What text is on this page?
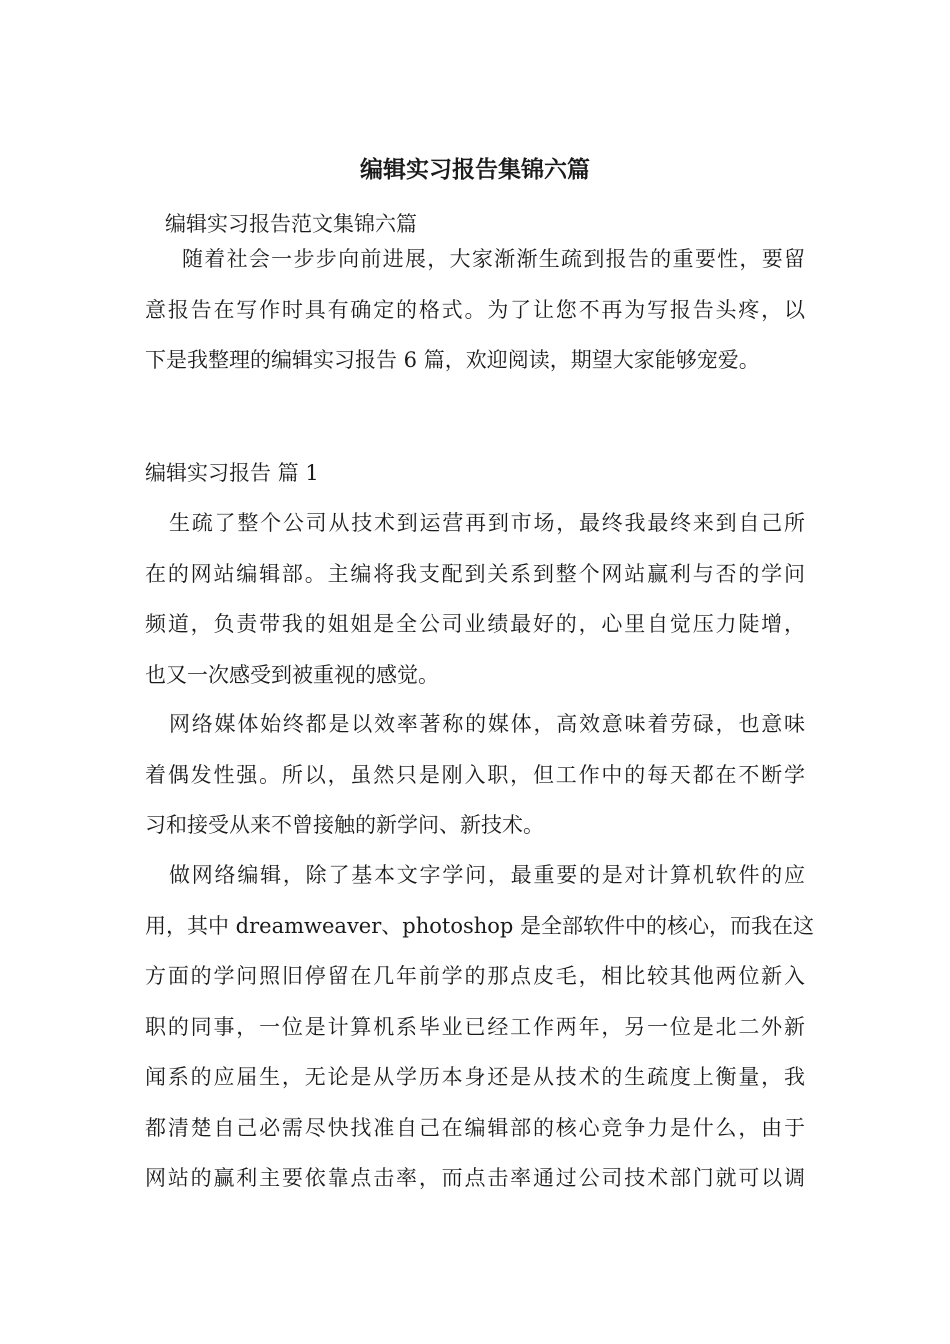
编辑实习报告集锦六篇

编辑实习报告范文集锦六篇

随着社会一步步向前进展，大家渐渐生疏到报告的重要性，要留
意报告在写作时具有确定的格式。为了让您不再为写报告头疼，以
下是我整理的编辑实习报告 6 篇，欢迎阅读，期望大家能够宠爱。

编辑实习报告 篇 1

生疏了整个公司从技术到运营再到市场，最终我最终来到自己所
在的网站编辑部。主编将我支配到关系到整个网站赢利与否的学问
频道，负责带我的姐姐是全公司业绩最好的，心里自觉压力陡增，
也又一次感受到被重视的感觉。
网络媒体始终都是以效率著称的媒体，高效意味着劳碌，也意味
着偶发性强。所以，虽然只是刚入职，但工作中的每天都在不断学
习和接受从来不曾接触的新学问、新技术。
做网络编辑，除了基本文字学问，最重要的是对计算机软件的应
用，其中 dreamweaver、photoshop 是全部软件中的核心，而我在这
方面的学问照旧停留在几年前学的那点皮毛，相比较其他两位新入
职的同事，一位是计算机系毕业已经工作两年，另一位是北二外新
闻系的应届生，无论是从学历本身还是从技术的生疏度上衡量，我
都清楚自己必需尽快找准自己在编辑部的核心竞争力是什么，由于
网站的赢利主要依靠点击率，而点击率通过公司技术部门就可以调
